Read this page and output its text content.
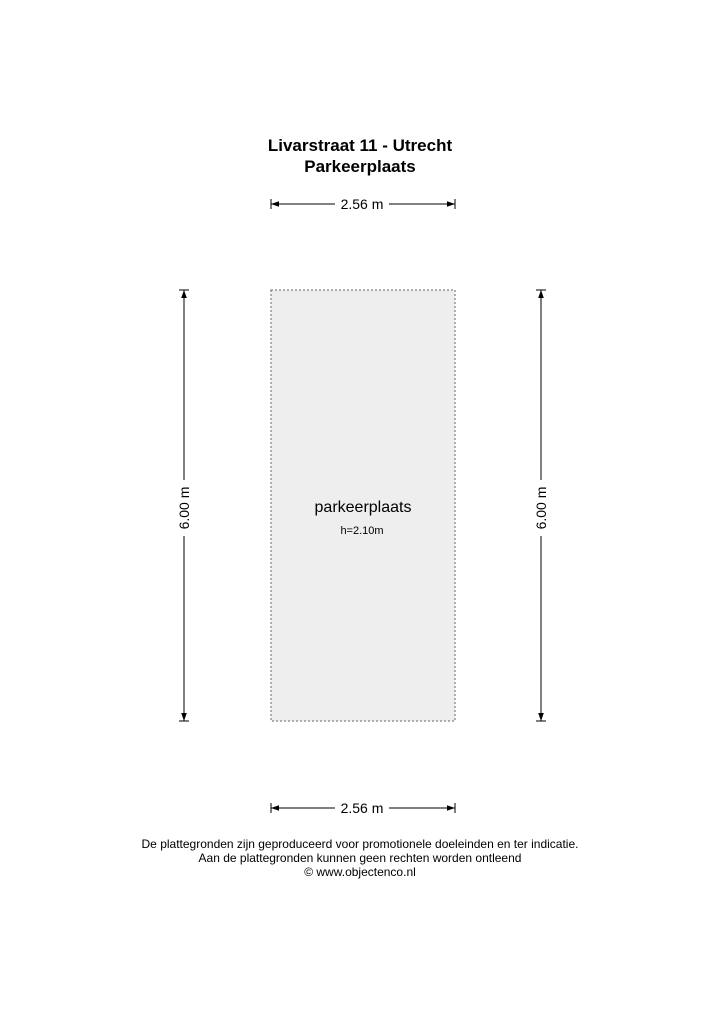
Livarstraat 11 - Utrecht
Parkeerplaats
2.56 m
6.00 m	6.00 m
parkeerplaats
h=2.10m
2.56 m
De plattegronden zijn geproduceerd voor promotionele doeleinden en ter indicatie.
Aan de plattegronden kunnen geen rechten worden ontleend
© www.objectenco.nl
